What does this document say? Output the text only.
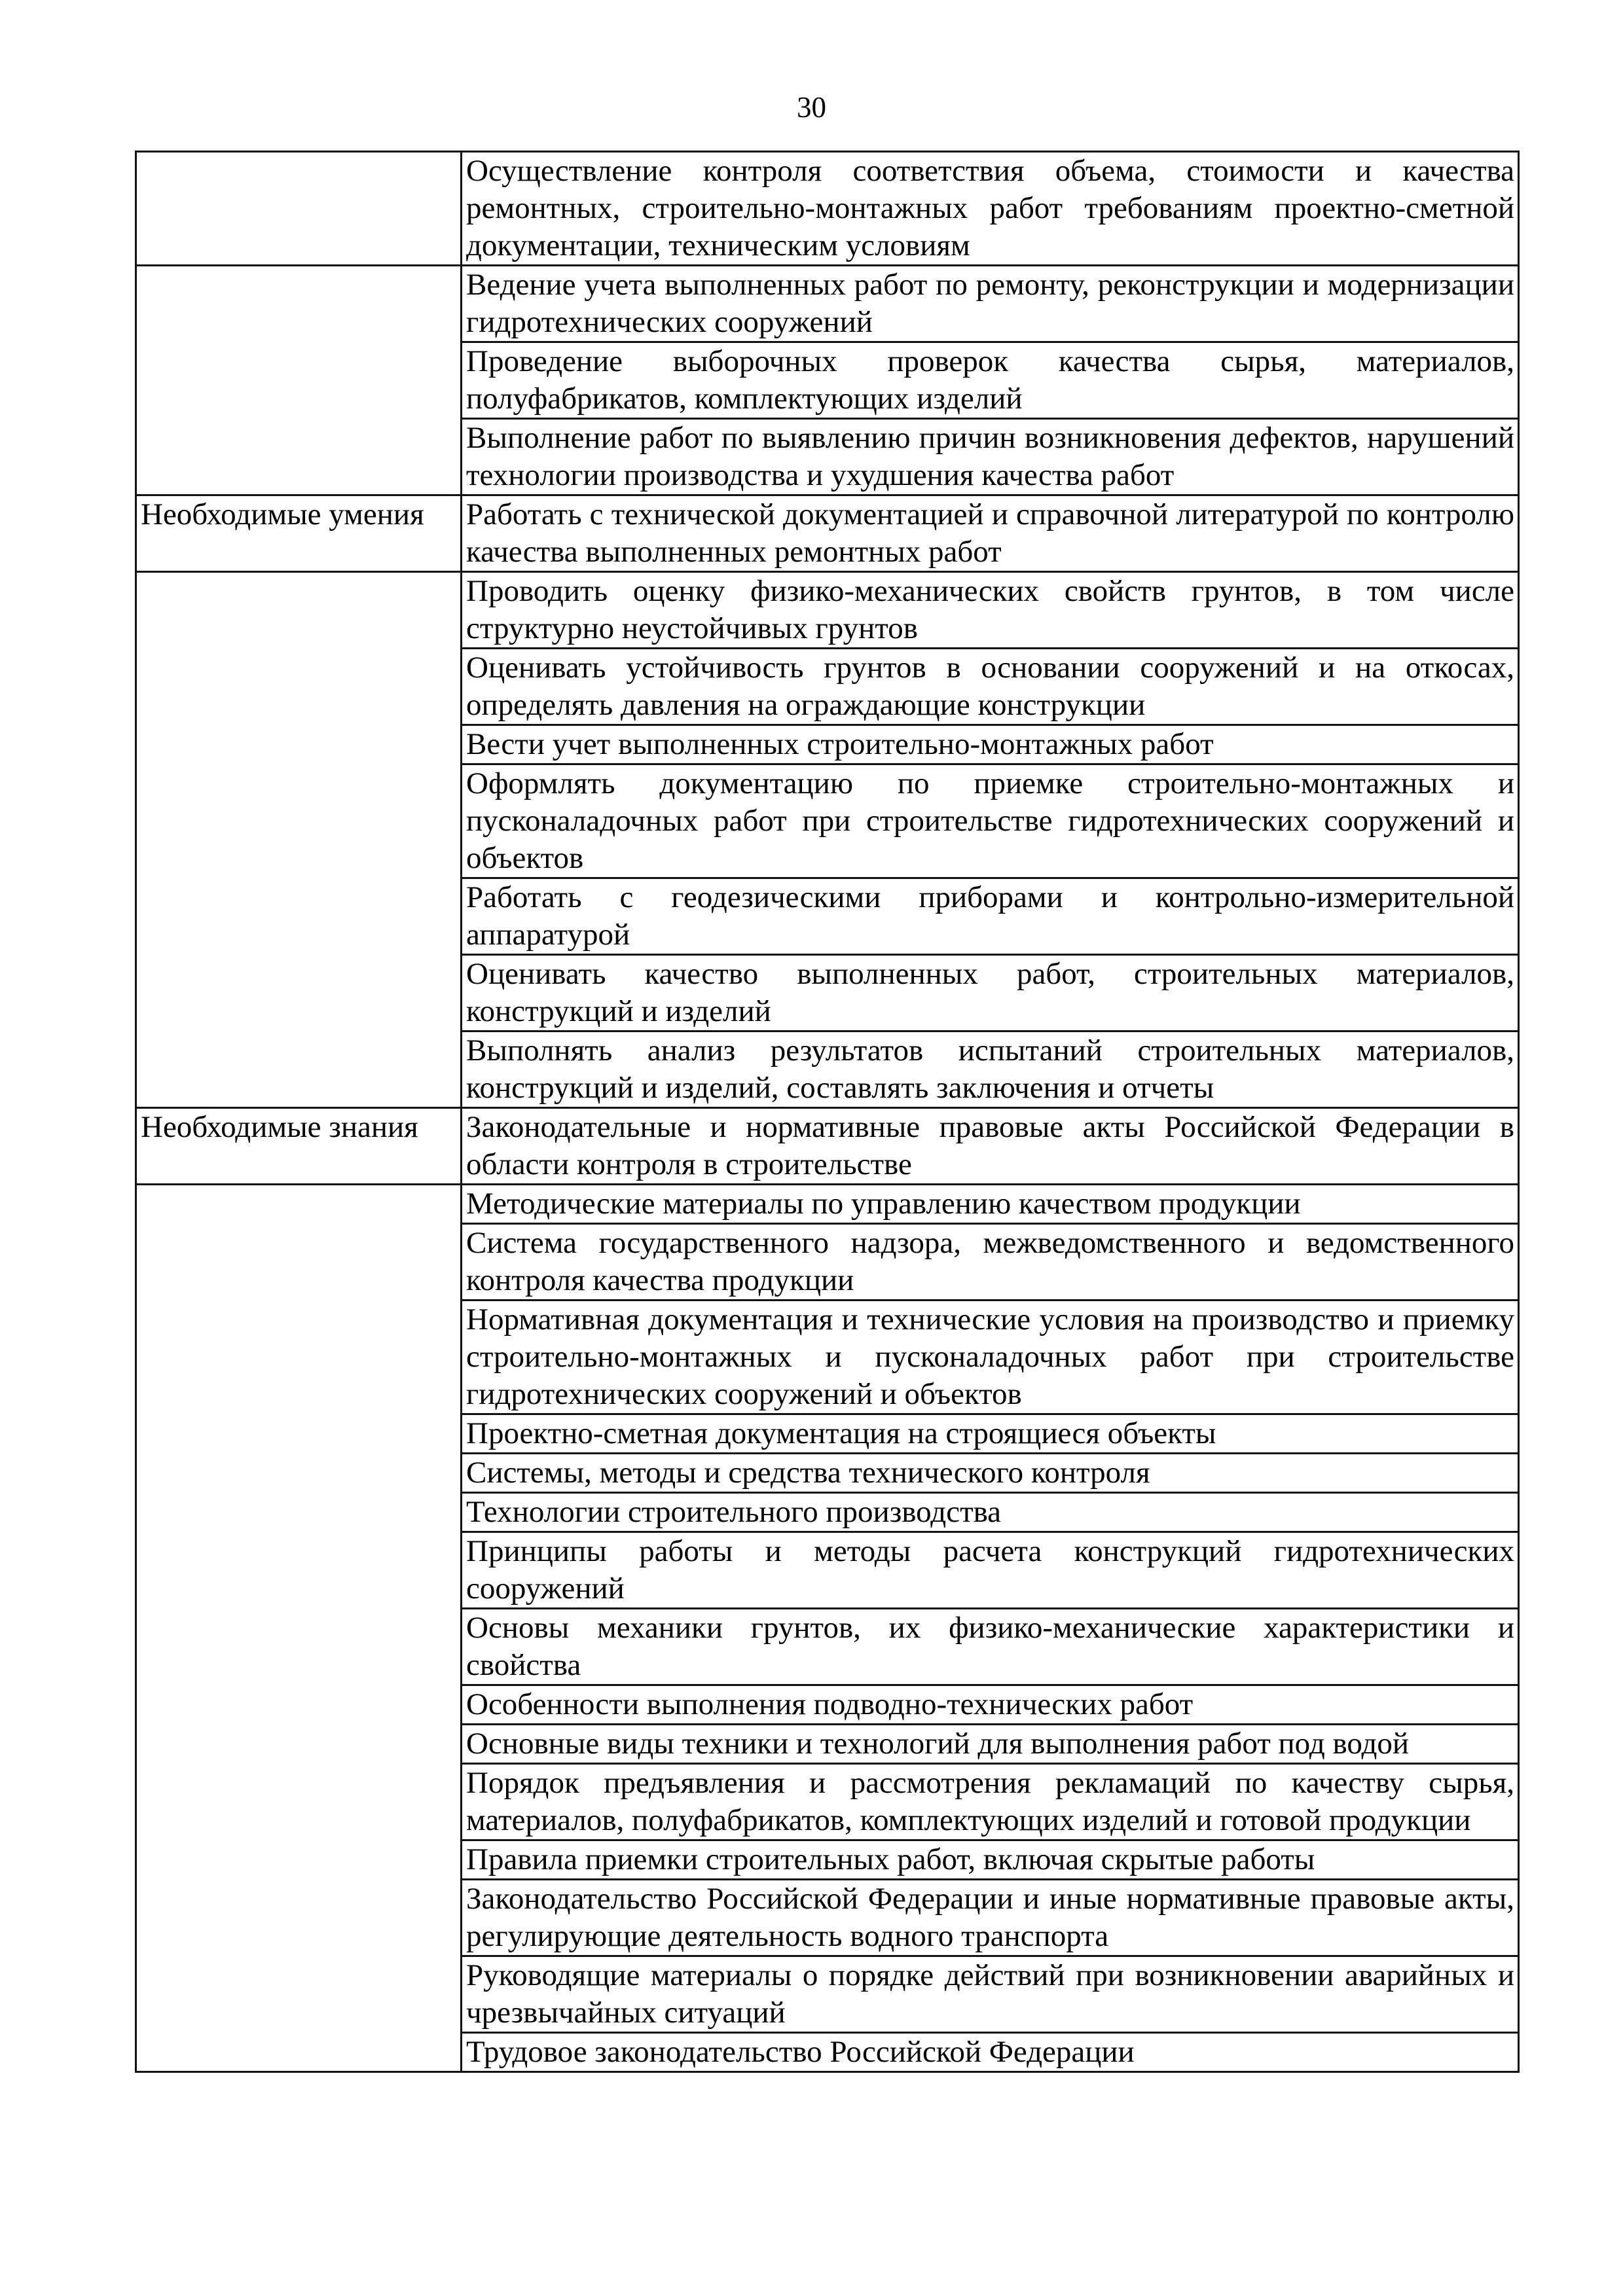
30

	Осуществление контроля соответствия объема, стоимости и качества ремонтных, строительно-монтажных работ требованиям проектно-сметной документации, техническим условиям

	Ведение учета выполненных работ по ремонту, реконструкции и модернизации гидротехнических сооружений

	Проведение выборочных проверок качества сырья, материалов, полуфабрикатов, комплектующих изделий

	Выполнение работ по выявлению причин возникновения дефектов, нарушений технологии производства и ухудшения качества работ

Необходимые умения	Работать с технической документацией и справочной литературой по контролю качества выполненных ремонтных работ

	Проводить оценку физико-механических свойств грунтов, в том числе структурно неустойчивых грунтов

	Оценивать устойчивость грунтов в основании сооружений и на откосах, определять давления на ограждающие конструкции

	Вести учет выполненных строительно-монтажных работ

	Оформлять документацию по приемке строительно-монтажных и пусконаладочных работ при строительстве гидротехнических сооружений и объектов

	Работать с геодезическими приборами и контрольно-измерительной аппаратурой

	Оценивать качество выполненных работ, строительных материалов, конструкций и изделий

	Выполнять анализ результатов испытаний строительных материалов, конструкций и изделий, составлять заключения и отчеты

Необходимые знания	Законодательные и нормативные правовые акты Российской Федерации в области контроля в строительстве

	Методические материалы по управлению качеством продукции

	Система государственного надзора, межведомственного и ведомственного контроля качества продукции

	Нормативная документация и технические условия на производство и приемку строительно-монтажных и пусконаладочных работ при строительстве гидротехнических сооружений и объектов

	Проектно-сметная документация на строящиеся объекты

	Системы, методы и средства технического контроля

	Технологии строительного производства

	Принципы работы и методы расчета конструкций гидротехнических сооружений

	Основы механики грунтов, их физико-механические характеристики и свойства

	Особенности выполнения подводно-технических работ

	Основные виды техники и технологий для выполнения работ под водой

	Порядок предъявления и рассмотрения рекламаций по качеству сырья, материалов, полуфабрикатов, комплектующих изделий и готовой продукции

	Правила приемки строительных работ, включая скрытые работы

	Законодательство Российской Федерации и иные нормативные правовые акты, регулирующие деятельность водного транспорта

	Руководящие материалы о порядке действий при возникновении аварийных и чрезвычайных ситуаций

	Трудовое законодательство Российской Федерации
